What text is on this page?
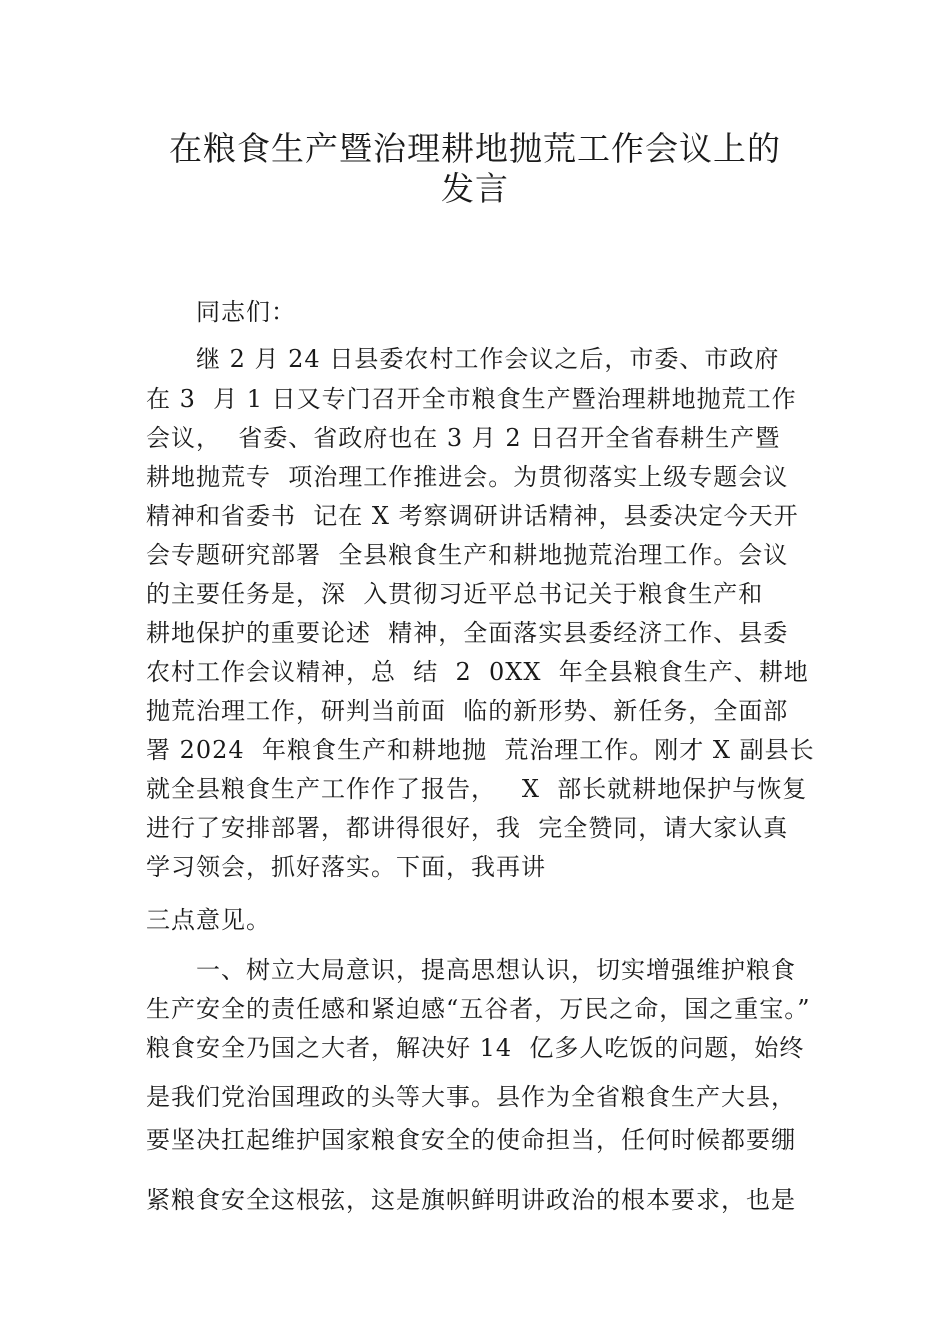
在粮食生产暨治理耕地抛荒工作会议上的
发言
同志们：
继 2 月 24 日县委农村工作会议之后，市委、市政府
在 3  月 1 日又专门召开全市粮食生产暨治理耕地抛荒工作
会议，  省委、省政府也在 3 月 2 日召开全省春耕生产暨
耕地抛荒专  项治理工作推进会。为贯彻落实上级专题会议
精神和省委书  记在 X 考察调研讲话精神，县委决定今天开
会专题研究部署  全县粮食生产和耕地抛荒治理工作。会议
的主要任务是，深  入贯彻习近平总书记关于粮食生产和
耕地保护的重要论述  精神，全面落实县委经济工作、县委
农村工作会议精神，总  结  2  0XX  年全县粮食生产、耕地
抛荒治理工作，研判当前面  临的新形势、新任务，全面部
署 2024  年粮食生产和耕地抛  荒治理工作。刚才 X 副县长
就全县粮食生产工作作了报告，   X  部长就耕地保护与恢复
进行了安排部署，都讲得很好，我  完全赞同，请大家认真
学习领会，抓好落实。下面，我再讲
三点意见。
一、树立大局意识，提高思想认识，切实增强维护粮食
生产安全的责任感和紧迫感“五谷者，万民之命，国之重宝。”
粮食安全乃国之大者，解决好 14  亿多人吃饭的问题，始终
是我们党治国理政的头等大事。县作为全省粮食生产大县，
要坚决扛起维护国家粮食安全的使命担当，任何时候都要绷
紧粮食安全这根弦，这是旗帜鲜明讲政治的根本要求，也是
